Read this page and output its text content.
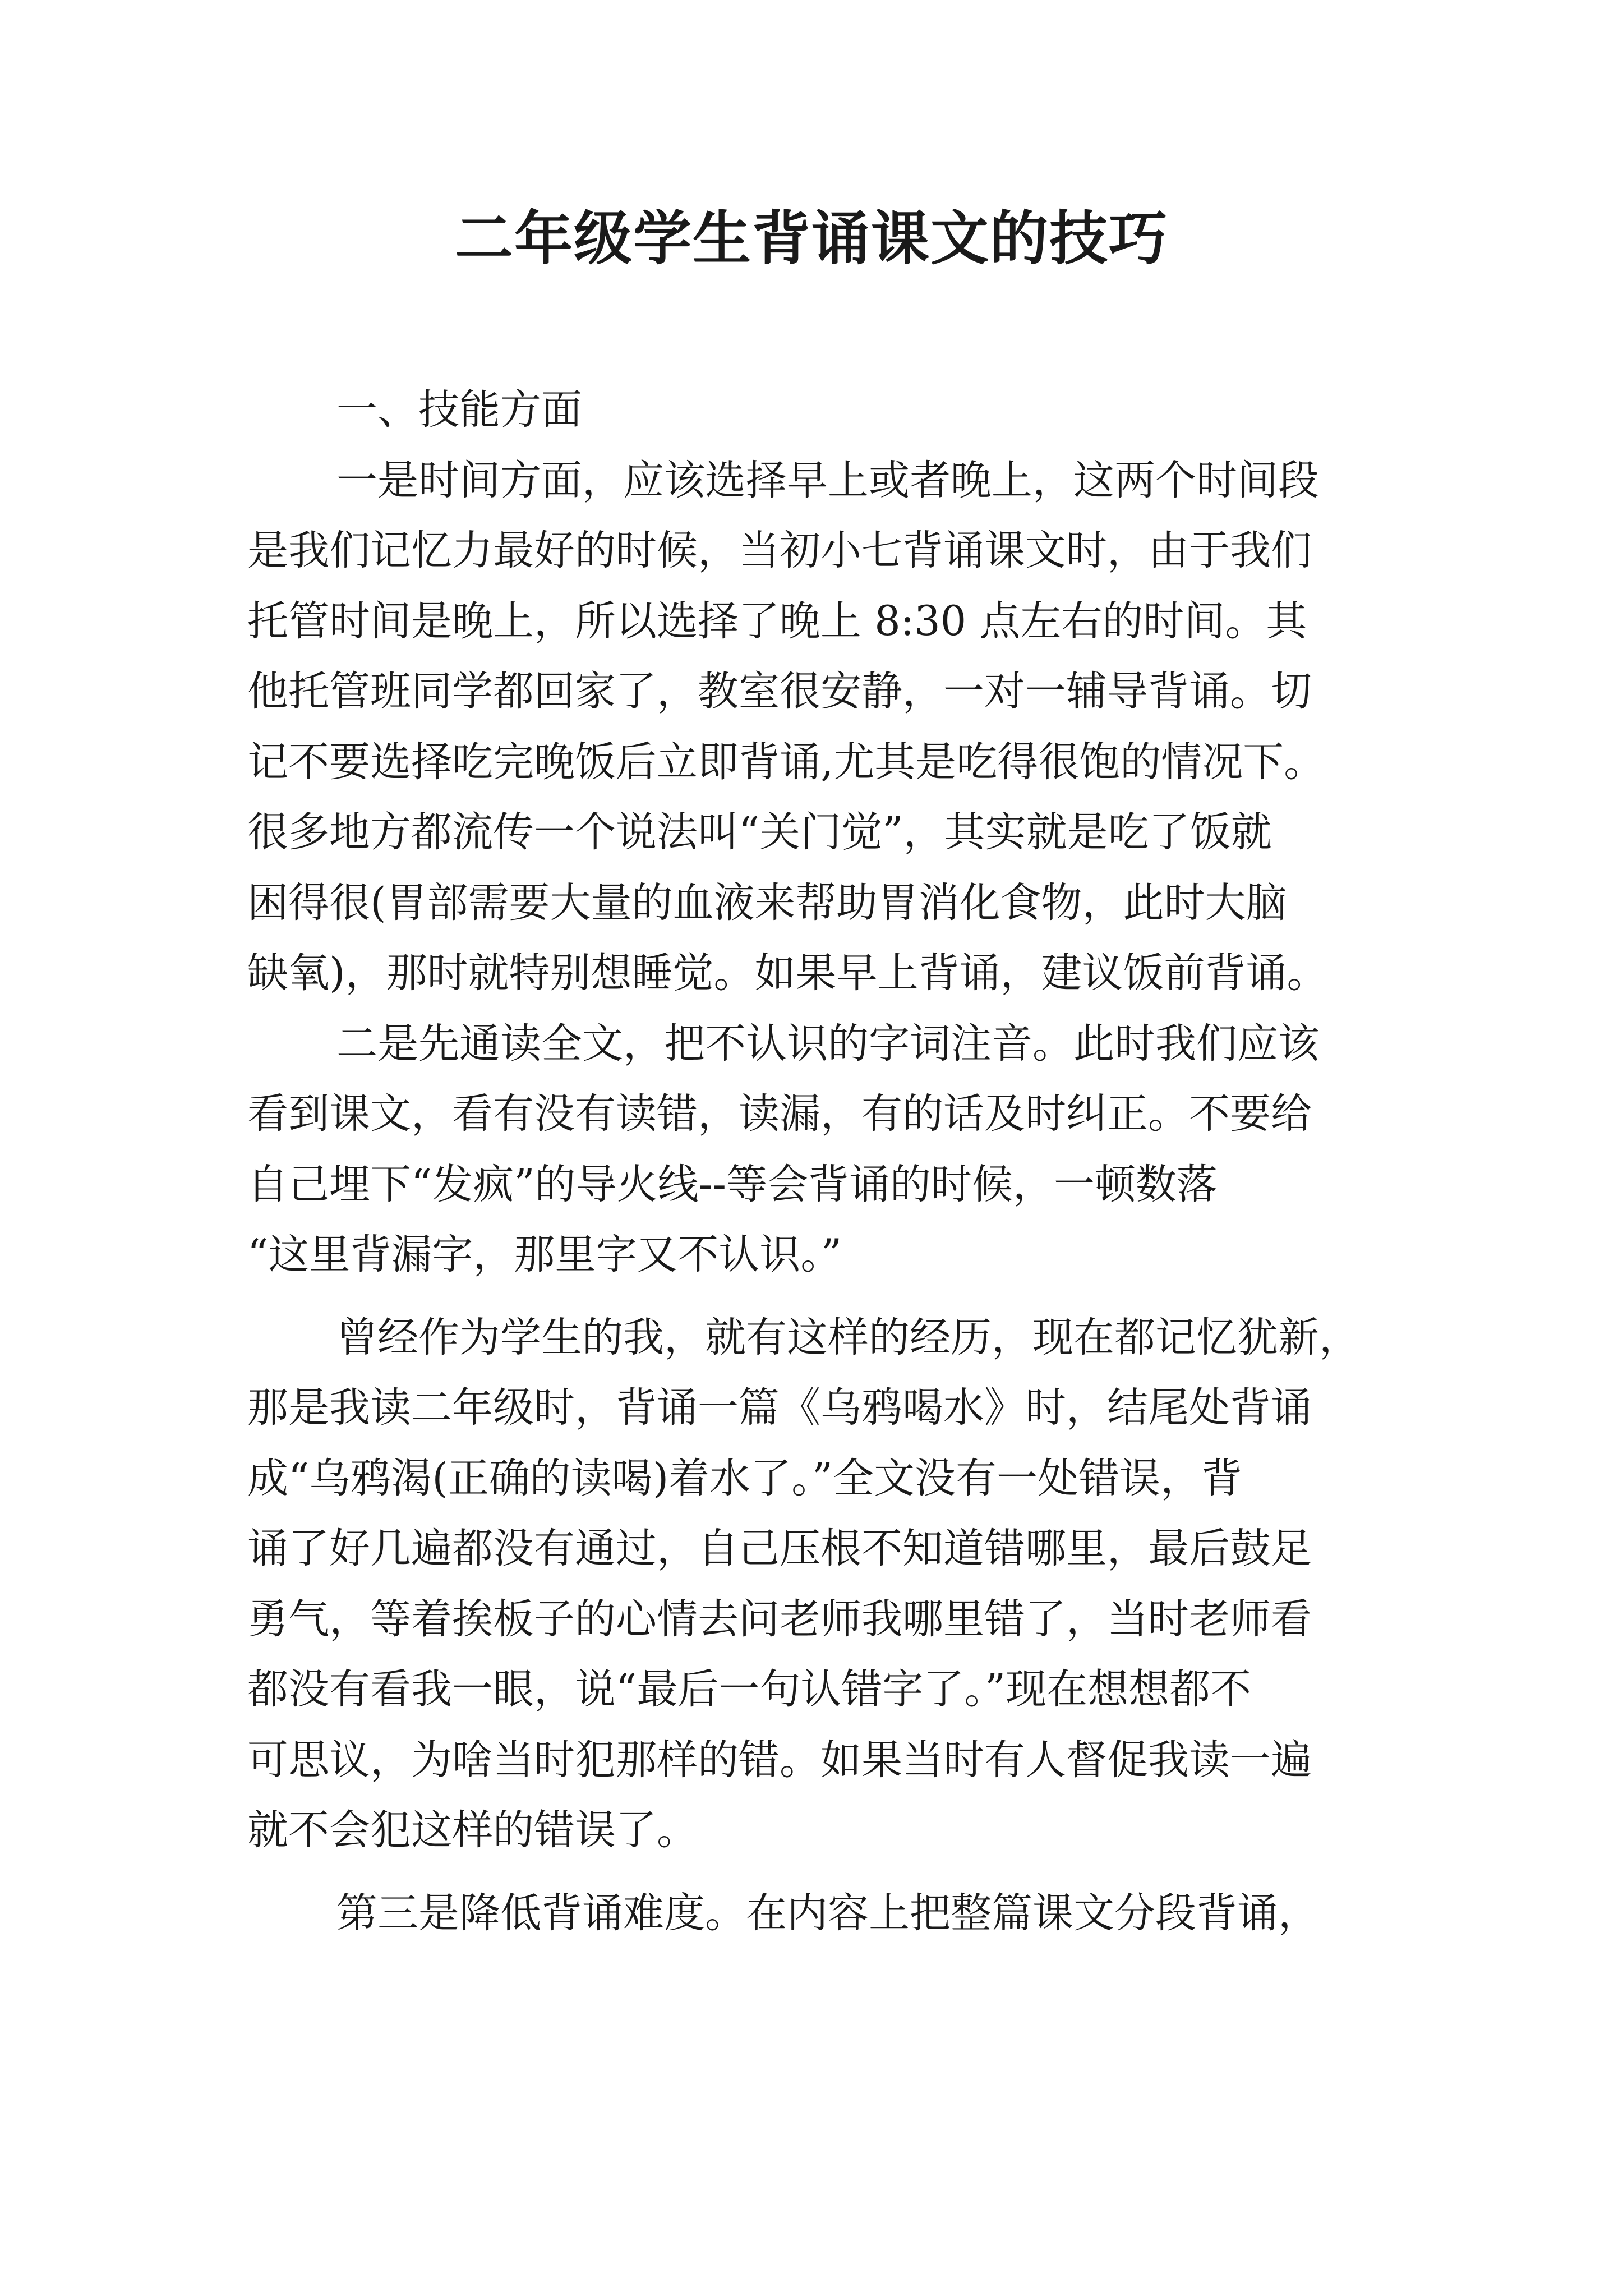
二年级学生背诵课文的技巧
一、技能方面
一是时间方面，应该选择早上或者晚上，这两个时间段
是我们记忆力最好的时候，当初小七背诵课文时，由于我们
托管时间是晚上，所以选择了晚上 8:30 点左右的时间。其
他托管班同学都回家了，教室很安静，一对一辅导背诵。切
记不要选择吃完晚饭后立即背诵,尤其是吃得很饱的情况下。
很多地方都流传一个说法叫“关门觉”，其实就是吃了饭就
困得很(胃部需要大量的血液来帮助胃消化食物，此时大脑
缺氧)，那时就特别想睡觉。如果早上背诵，建议饭前背诵。
二是先通读全文，把不认识的字词注音。此时我们应该
看到课文，看有没有读错，读漏，有的话及时纠正。不要给
自己埋下“发疯”的导火线--等会背诵的时候，一顿数落
“这里背漏字，那里字又不认识。”
曾经作为学生的我，就有这样的经历，现在都记忆犹新，
那是我读二年级时，背诵一篇《乌鸦喝水》时，结尾处背诵
成“乌鸦渴(正确的读喝)着水了。”全文没有一处错误，背
诵了好几遍都没有通过，自己压根不知道错哪里，最后鼓足
勇气，等着挨板子的心情去问老师我哪里错了，当时老师看
都没有看我一眼，说“最后一句认错字了。”现在想想都不
可思议，为啥当时犯那样的错。如果当时有人督促我读一遍
就不会犯这样的错误了。
第三是降低背诵难度。在内容上把整篇课文分段背诵，
